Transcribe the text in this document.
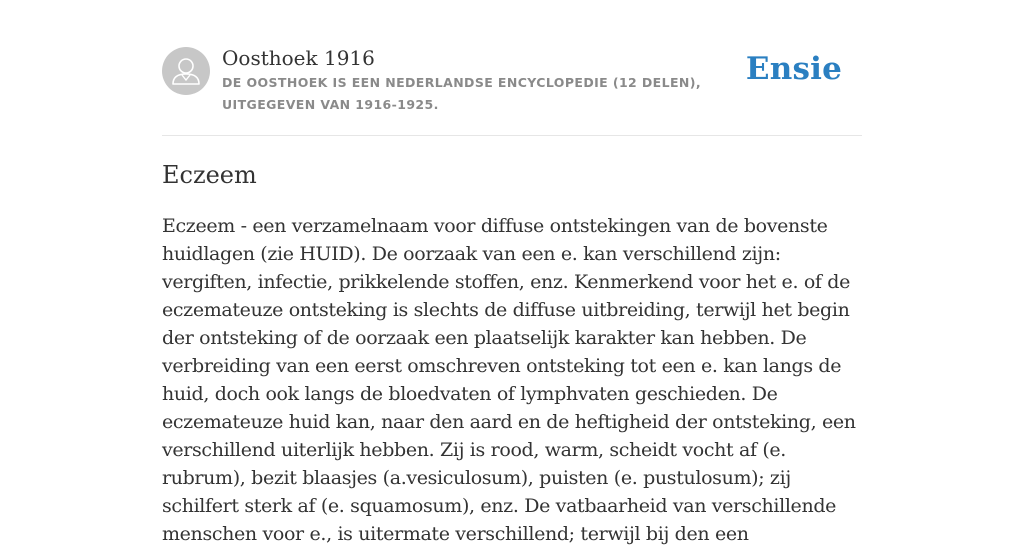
Oosthoek 1916
DE OOSTHOEK IS EEN NEDERLANDSE ENCYCLOPEDIE (12 DELEN), UITGEGEVEN VAN 1916-1925.
Ensie
Eczeem

Eczeem - een verzamelnaam voor diffuse ontstekingen van de bovenste huidlagen (zie HUID). De oorzaak van een e. kan verschillend zijn: vergiften, infectie, prikkelende stoffen, enz. Kenmerkend voor het e. of de eczemateuze ontsteking is slechts de diffuse uitbreiding, terwijl het begin der ontsteking of de oorzaak een plaatselijk karakter kan hebben. De verbreiding van een eerst omschreven ontsteking tot een e. kan langs de huid, doch ook langs de bloedvaten of lymphvaten geschieden. De eczemateuze huid kan, naar den aard en de heftigheid der ontsteking, een verschillend uiterlijk hebben. Zij is rood, warm, scheidt vocht af (e. rubrum), bezit blaasjes (a.vesiculosum), puisten (e. pustulosum); zij schilfert sterk af (e. squamosum), enz. De vatbaarheid van verschillende menschen voor e., is uitermate verschillend; terwijl bij den een
